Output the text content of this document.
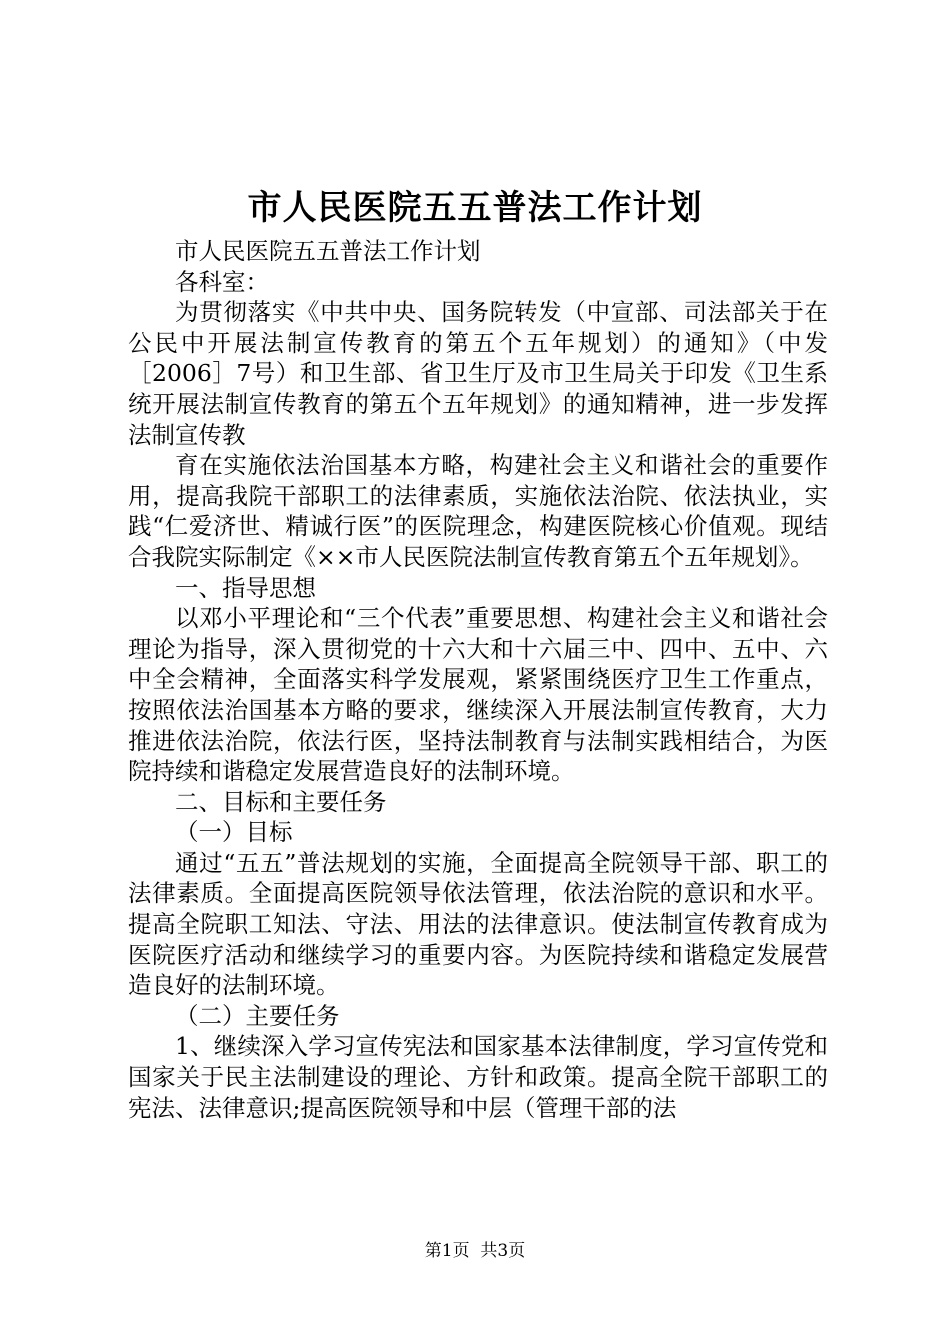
市人民医院五五普法工作计划

市人民医院五五普法工作计划

各科室：

为贯彻落实《中共中央、国务院转发（中宣部、司法部关于在公民中开展法制宣传教育的第五个五年规划）的通知》（中发［2006］7号）和卫生部、省卫生厅及市卫生局关于印发《卫生系统开展法制宣传教育的第五个五年规划》的通知精神，进一步发挥法制宣传教

育在实施依法治国基本方略，构建社会主义和谐社会的重要作用，提高我院干部职工的法律素质，实施依法治院、依法执业，实践“仁爱济世、精诚行医”的医院理念，构建医院核心价值观。现结合我院实际制定《××市人民医院法制宣传教育第五个五年规划》。

一、指导思想

以邓小平理论和“三个代表”重要思想、构建社会主义和谐社会理论为指导，深入贯彻党的十六大和十六届三中、四中、五中、六中全会精神，全面落实科学发展观，紧紧围绕医疗卫生工作重点，按照依法治国基本方略的要求，继续深入开展法制宣传教育，大力推进依法治院，依法行医，坚持法制教育与法制实践相结合，为医院持续和谐稳定发展营造良好的法制环境。

二、目标和主要任务

（一）目标

通过“五五”普法规划的实施，全面提高全院领导干部、职工的法律素质。全面提高医院领导依法管理，依法治院的意识和水平。提高全院职工知法、守法、用法的法律意识。使法制宣传教育成为医院医疗活动和继续学习的重要内容。为医院持续和谐稳定发展营造良好的法制环境。

（二）主要任务

1、继续深入学习宣传宪法和国家基本法律制度，学习宣传党和国家关于民主法制建设的理论、方针和政策。提高全院干部职工的宪法、法律意识;提高医院领导和中层（管理干部的法

第1页 共3页
